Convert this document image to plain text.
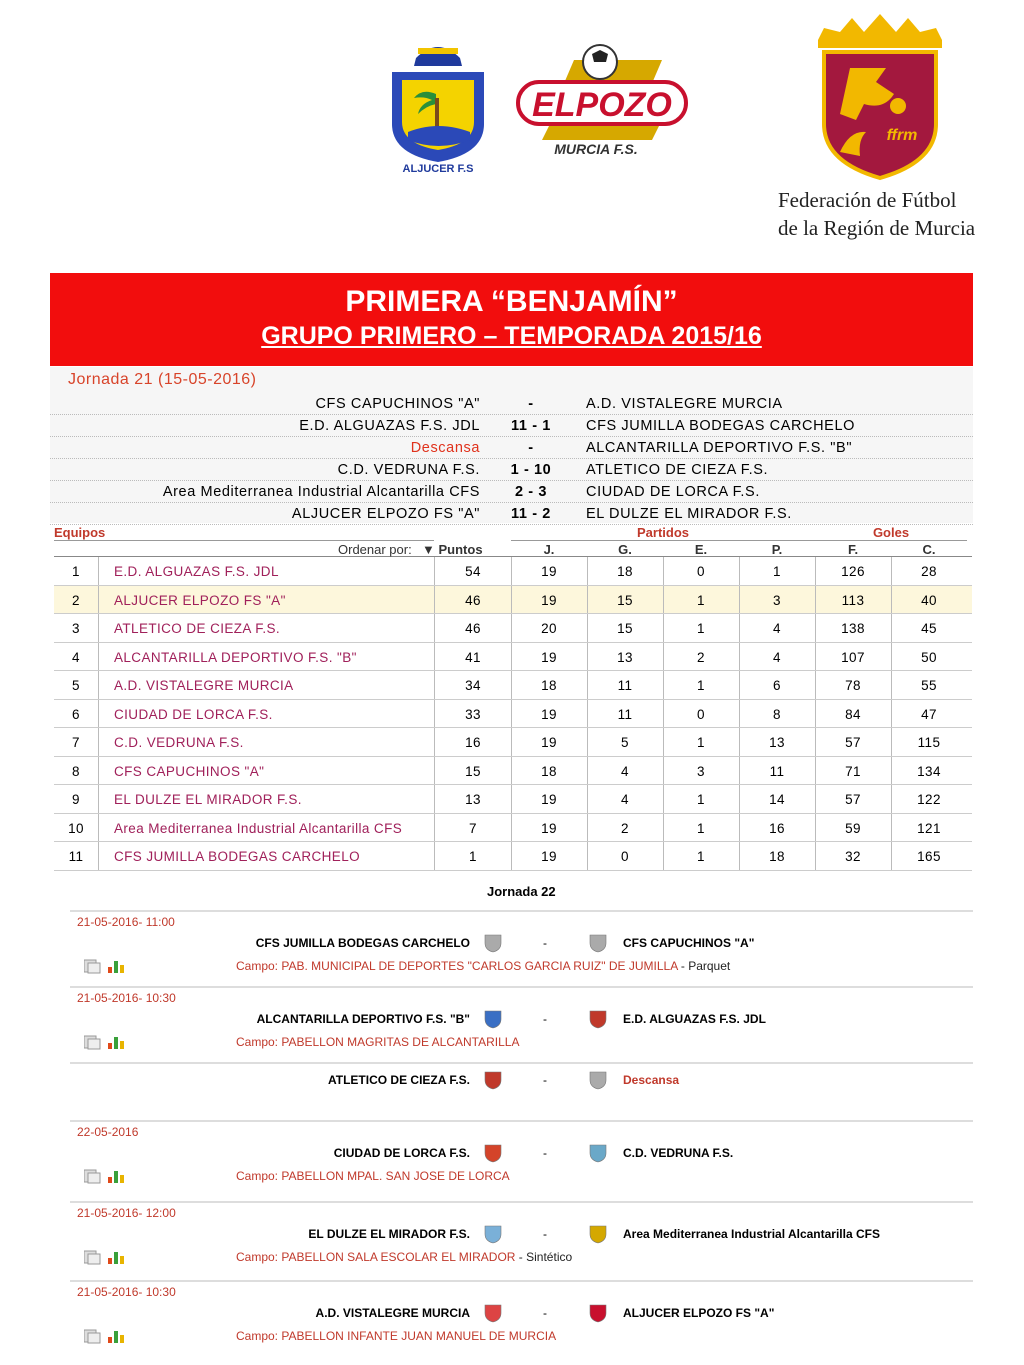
ALJUCER F.S
ELPOZO
MURCIA F.S.
ffrm
Federación de Fútbol
de la Región de Murcia
PRIMERA “BENJAMÍN”
GRUPO PRIMERO – TEMPORADA 2015/16
Jornada 21 (15-05-2016)
CFS CAPUCHINOS "A"	-	A.D. VISTALEGRE MURCIA
E.D. ALGUAZAS F.S. JDL	11 - 1	CFS JUMILLA BODEGAS CARCHELO
Descansa	-	ALCANTARILLA DEPORTIVO F.S. "B"
C.D. VEDRUNA F.S.	1 - 10	ATLETICO DE CIEZA F.S.
Area Mediterranea Industrial Alcantarilla CFS	2 - 3	CIUDAD DE LORCA F.S.
ALJUCER ELPOZO FS "A"	11 - 2	EL DULZE EL MIRADOR F.S.
Equipos	Partidos	Goles
Ordenar por: ▼ Puntos	J.	G.	E.	P.	F.	C.
1	E.D. ALGUAZAS F.S. JDL	54	19	18	0	1	126	28
2	ALJUCER ELPOZO FS "A"	46	19	15	1	3	113	40
3	ATLETICO DE CIEZA F.S.	46	20	15	1	4	138	45
4	ALCANTARILLA DEPORTIVO F.S. "B"	41	19	13	2	4	107	50
5	A.D. VISTALEGRE MURCIA	34	18	11	1	6	78	55
6	CIUDAD DE LORCA F.S.	33	19	11	0	8	84	47
7	C.D. VEDRUNA F.S.	16	19	5	1	13	57	115
8	CFS CAPUCHINOS "A"	15	18	4	3	11	71	134
9	EL DULZE EL MIRADOR F.S.	13	19	4	1	14	57	122
10	Area Mediterranea Industrial Alcantarilla CFS	7	19	2	1	16	59	121
11	CFS JUMILLA BODEGAS CARCHELO	1	19	0	1	18	32	165
Jornada 22
21-05-2016- 11:00
CFS JUMILLA BODEGAS CARCHELO	-	CFS CAPUCHINOS "A"
Campo: PAB. MUNICIPAL DE DEPORTES "CARLOS GARCIA RUIZ" DE JUMILLA - Parquet
21-05-2016- 10:30
ALCANTARILLA DEPORTIVO F.S. "B"	-	E.D. ALGUAZAS F.S. JDL
Campo: PABELLON MAGRITAS DE ALCANTARILLA
ATLETICO DE CIEZA F.S.	-	Descansa
22-05-2016
CIUDAD DE LORCA F.S.	-	C.D. VEDRUNA F.S.
Campo: PABELLON MPAL. SAN JOSE DE LORCA
21-05-2016- 12:00
EL DULZE EL MIRADOR F.S.	-	Area Mediterranea Industrial Alcantarilla CFS
Campo: PABELLON SALA ESCOLAR EL MIRADOR - Sintético
21-05-2016- 10:30
A.D. VISTALEGRE MURCIA	-	ALJUCER ELPOZO FS "A"
Campo: PABELLON INFANTE JUAN MANUEL DE MURCIA
